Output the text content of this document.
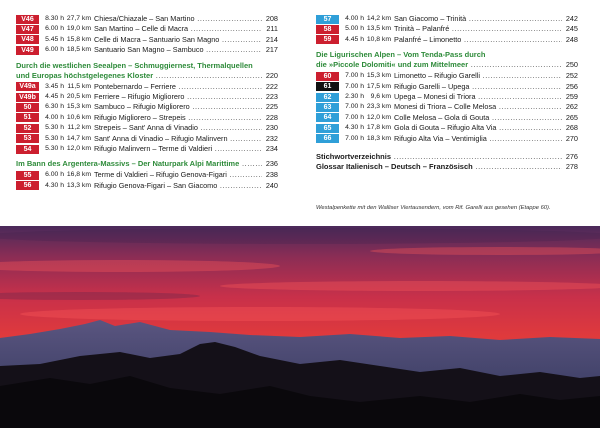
V46	8.30 h 27,7 km Chiesa/Chiazale – San Martino .....	208
V47	6.00 h 19,0 km San Martino – Celle di Macra .....	211
V48	5.45 h 15,8 km Celle di Macra – Santuario San Magno .....	214
V49	6.00 h 18,5 km Santuario San Magno – Sambuco .....	217
Durch die westlichen Seealpen – Schmuggiernest, Thermalquellen
und Europas höchstgelegenes Kloster .....	220
V49a	3.45 h 11,5 km Pontebernardo – Ferriere .....	222
V49b	4.45 h 20,5 km Ferriere – Rifugio Migliorero .....	223
50	6.30 h 15,3 km Sambuco – Rifugio Migliorero .....	225
51	4.00 h 10,6 km Rifugio Migliorero – Strepeis .....	228
52	5.30 h 11,2 km Strepeis – Sant' Anna di Vinadio .....	230
53	5.30 h 14,7 km Sant' Anna di Vinadio – Rifugio Malinvern .....	232
54	5.30 h 12,0 km Rifugio Malinvern – Terme di Valdieri .....	234
Im Bann des Argentera-Massivs – Der Naturpark Alpi Marittime .....	236
55	6.00 h 16,8 km Terme di Valdieri – Rifugio Genova-Figari .....	238
56	4.30 h 13,3 km Rifugio Genova-Figari – San Giacomo .....	240
57	4.00 h 14,2 km San Giacomo – Trinità .....	242
58	5.00 h 13,5 km Trinità – Palanfré .....	245
59	4.45 h 10,8 km Palanfré – Limonetto .....	248
Die Ligurischen Alpen – Vom Tenda-Pass durch
die »Piccole Dolomiti« und zum Mittelmeer .....	250
60	7.00 h 15,3 km Limonetto – Rifugio Garelli .....	252
61	7.00 h 17,5 km Rifugio Garelli – Upega .....	256
62	2.30 h 9,6 km Upega – Monesi di Triora .....	259
63	7.00 h 23,3 km Monesi di Triora – Colle Melosa .....	262
64	7.00 h 12,0 km Colle Melosa – Gola di Gouta .....	265
65	4.30 h 17,8 km Gola di Gouta – Rifugio Alta Via .....	268
66	7.00 h 18,3 km Rifugio Alta Via – Ventimiglia .....	270
Stichwortverzeichnis .....	276
Glossar Italienisch – Deutsch – Französisch .....	278
Westalpenkette mit den Walliser Viertausendern, vom Rif. Garelli aus gesehen (Etappe 60).
